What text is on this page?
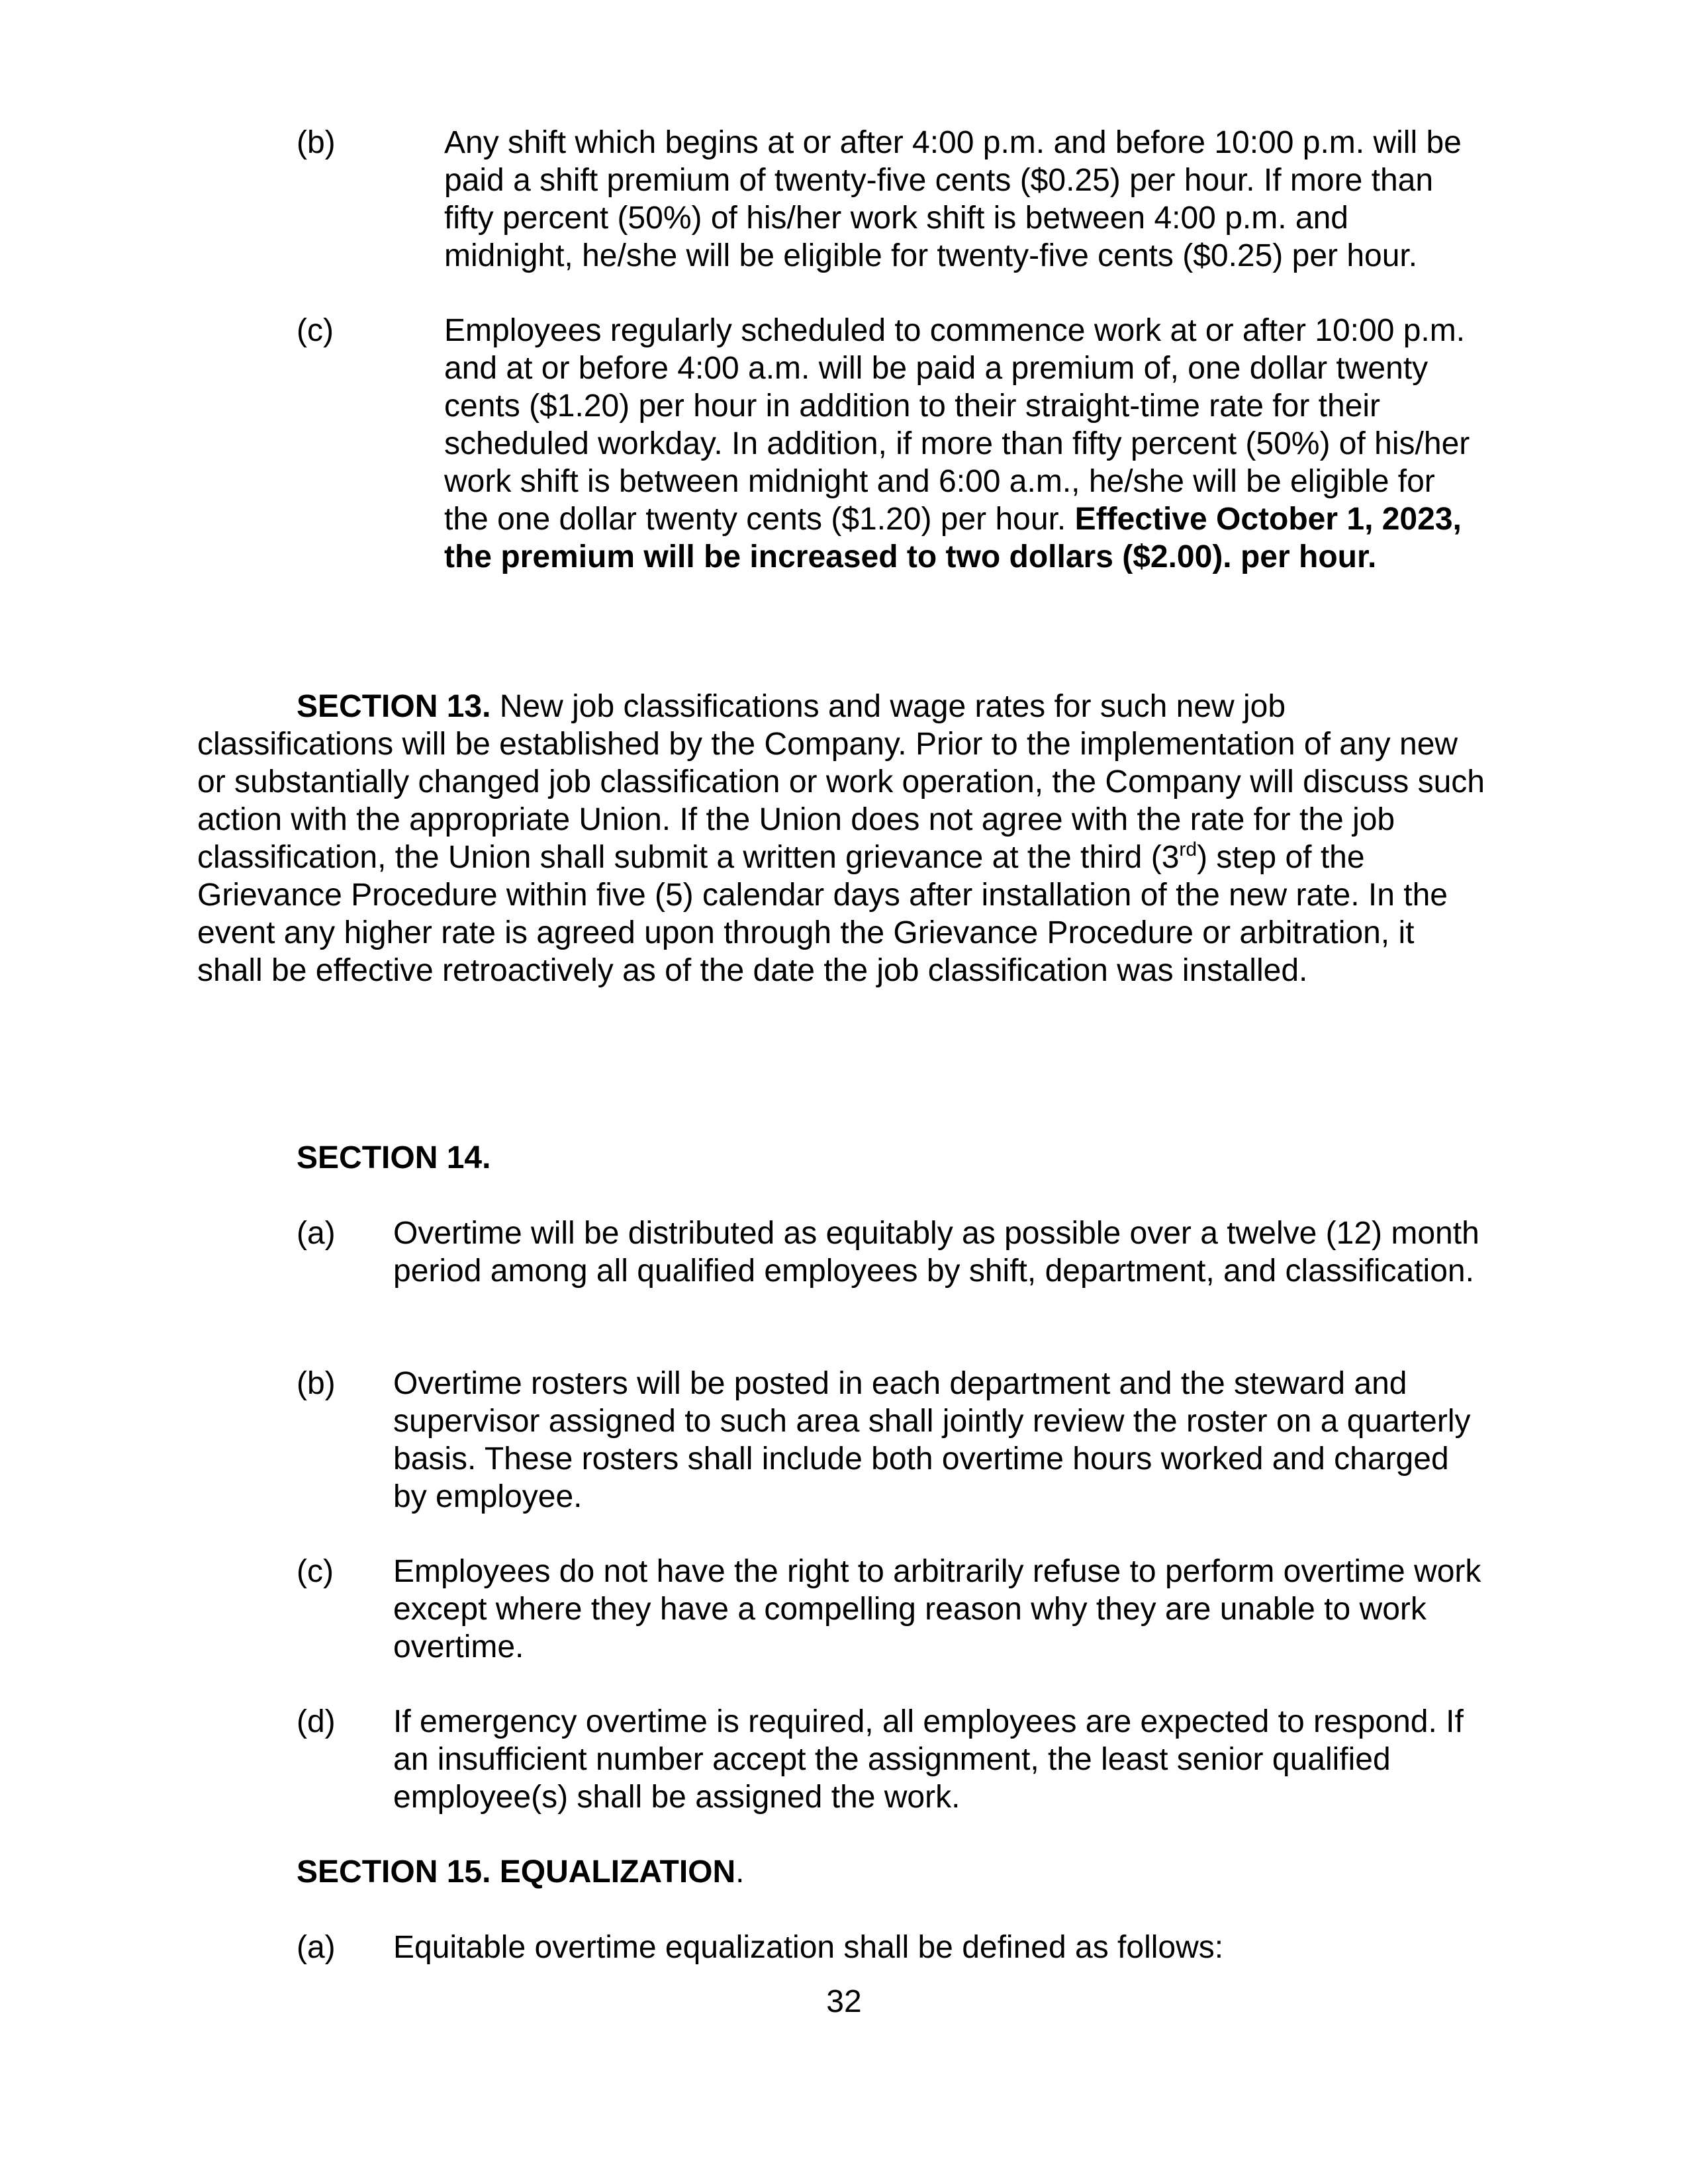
(b)	Any shift which begins at or after 4:00 p.m. and before 10:00 p.m. will be paid a shift premium of twenty-five cents ($0.25) per hour. If more than fifty percent (50%) of his/her work shift is between 4:00 p.m. and midnight, he/she will be eligible for twenty-five cents ($0.25) per hour.

(c)	Employees regularly scheduled to commence work at or after 10:00 p.m. and at or before 4:00 a.m. will be paid a premium of, one dollar twenty cents ($1.20) per hour in addition to their straight-time rate for their scheduled workday. In addition, if more than fifty percent (50%) of his/her work shift is between midnight and 6:00 a.m., he/she will be eligible for the one dollar twenty cents ($1.20) per hour. Effective October 1, 2023, the premium will be increased to two dollars ($2.00). per hour.

SECTION 13. New job classifications and wage rates for such new job classifications will be established by the Company. Prior to the implementation of any new or substantially changed job classification or work operation, the Company will discuss such action with the appropriate Union. If the Union does not agree with the rate for the job classification, the Union shall submit a written grievance at the third (3rd) step of the Grievance Procedure within five (5) calendar days after installation of the new rate. In the event any higher rate is agreed upon through the Grievance Procedure or arbitration, it shall be effective retroactively as of the date the job classification was installed.
SECTION 14.
(a) Overtime will be distributed as equitably as possible over a twelve (12) month period among all qualified employees by shift, department, and classification.

(b) Overtime rosters will be posted in each department and the steward and supervisor assigned to such area shall jointly review the roster on a quarterly basis. These rosters shall include both overtime hours worked and charged by employee.

(c) Employees do not have the right to arbitrarily refuse to perform overtime work except where they have a compelling reason why they are unable to work overtime.

(d) If emergency overtime is required, all employees are expected to respond. If an insufficient number accept the assignment, the least senior qualified employee(s) shall be assigned the work.

SECTION 15. EQUALIZATION.
(a) Equitable overtime equalization shall be defined as follows:

32
